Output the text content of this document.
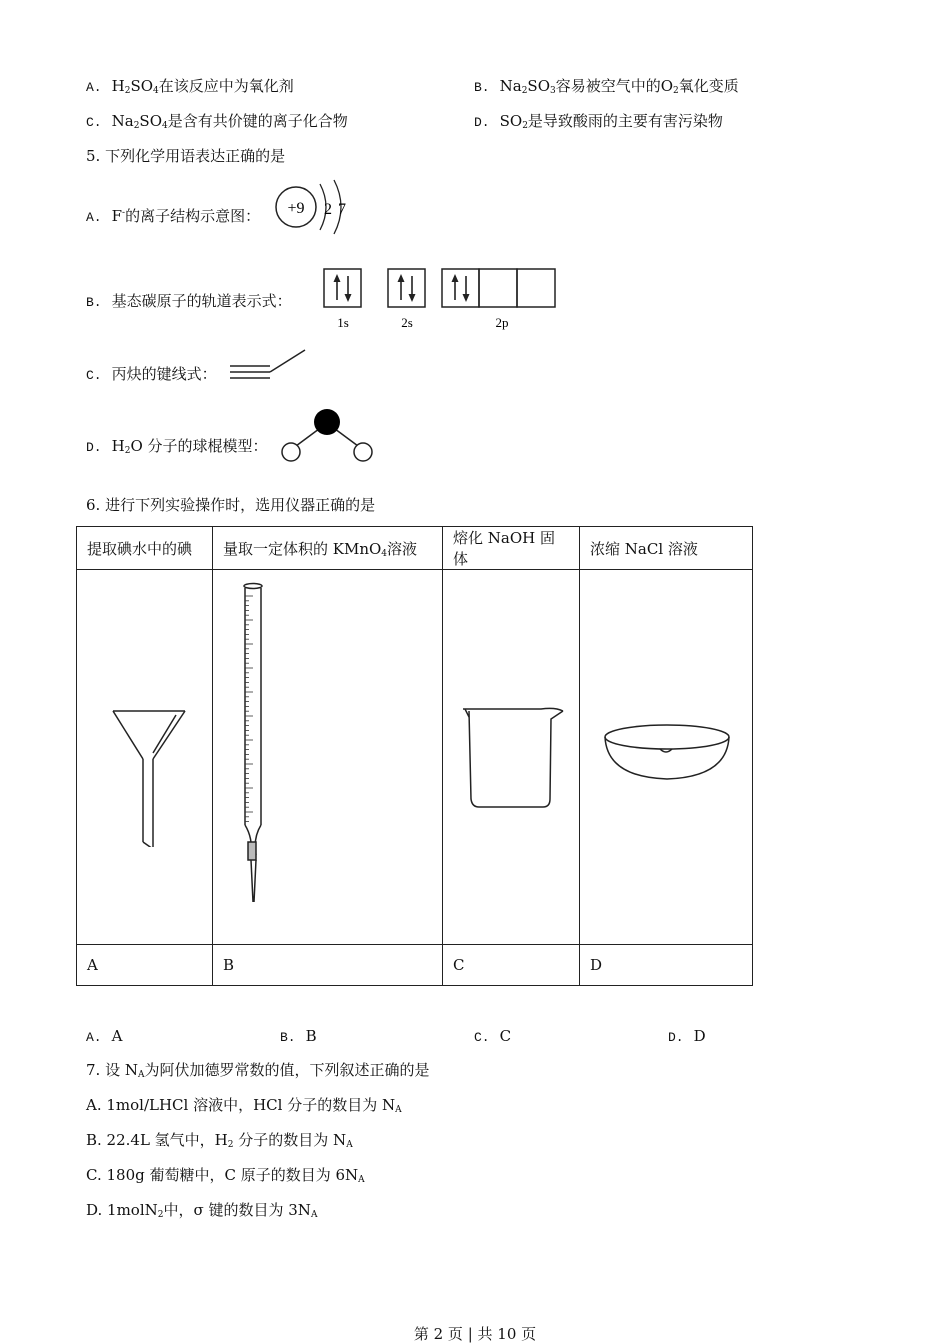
A. $H_2SO_4$在该反应中为氧化剂	B. $Na_2SO_3$容易被空气中的$O_2$氧化变质
C. $Na_2SO_4$是含有共价键的离子化合物	D. $SO_2$是导致酸雨的主要有害污染物
5. 下列化学用语表达正确的是
A. F-的离子结构示意图： +9 2 7
B. 基态碳原子的轨道表示式：
1s	2s	2p
C. 丙炔的键线式：
D. $H_2O$ 分子的球棍模型：
6. 进行下列实验操作时，选用仪器正确的是
提取碘水中的碘	量取一定体积的 KMnO$_4$溶液	熔化 NaOH 固体	浓缩 NaCl 溶液

A	B	C	D
A. A	B. B	C. C	D. D
7. 设 $N_A$为阿伏加德罗常数的值，下列叙述正确的是
A. 1mol/LHCl 溶液中，HCl 分子的数目为 $N_A$
B. 22.4L 氢气中，$H_2$ 分子的数目为 $N_A$
C. 180g 葡萄糖中，C 原子的数目为 $6N_A$
D. 1molN$_2$中，σ 键的数目为 $3N_A$
第 2 页 | 共 10 页
